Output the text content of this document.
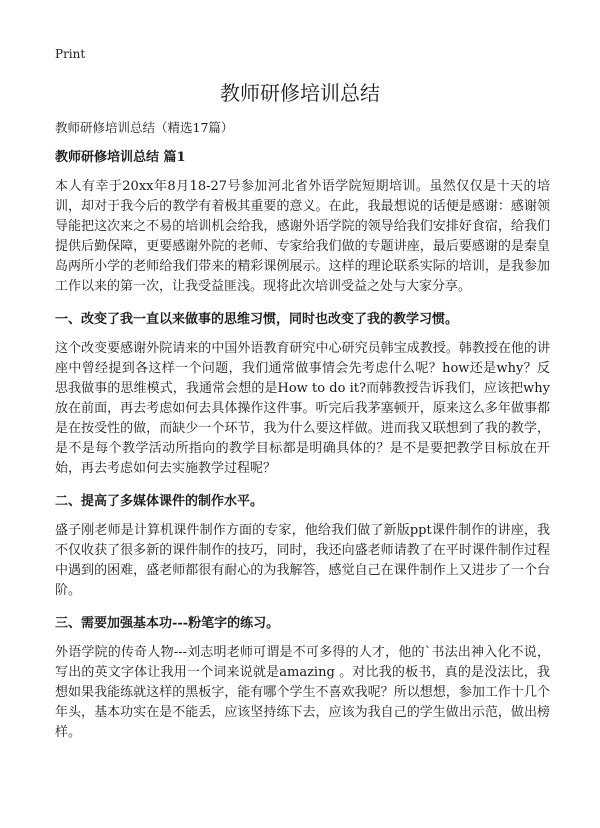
Print
教师研修培训总结

教师研修培训总结（精选17篇）

教师研修培训总结 篇1

本人有幸于20xx年8月18-27号参加河北省外语学院短期培训。虽然仅仅是十天的培训，却对于我今后的教学有着极其重要的意义。在此，我最想说的话便是感谢：感谢领导能把这次来之不易的培训机会给我，感谢外语学院的领导给我们安排好食宿，给我们提供后勤保障，更要感谢外院的老师、专家给我们做的专题讲座，最后要感谢的是秦皇岛两所小学的老师给我们带来的精彩课例展示。这样的理论联系实际的培训，是我参加工作以来的第一次，让我受益匪浅。现将此次培训受益之处与大家分享。

一、改变了我一直以来做事的思维习惯，同时也改变了我的教学习惯。

这个改变要感谢外院请来的中国外语教育研究中心研究员韩宝成教授。韩教授在他的讲座中曾经提到各这样一个问题，我们通常做事情会先考虑什么呢？how还是why？反思我做事的思维模式，我通常会想的是How to do it?而韩教授告诉我们，应该把why放在前面，再去考虑如何去具体操作这件事。听完后我茅塞顿开，原来这么多年做事都是在按受性的做，而缺少一个环节，我为什么要这样做。进而我又联想到了我的教学，是不是每个教学活动所指向的教学目标都是明确具体的？是不是要把教学目标放在开始，再去考虑如何去实施教学过程呢？

二、提高了多媒体课件的制作水平。

盛子刚老师是计算机课件制作方面的专家，他给我们做了新版ppt课件制作的讲座，我不仅收获了很多新的课件制作的技巧，同时，我还向盛老师请教了在平时课件制作过程中遇到的困难，盛老师都很有耐心的为我解答，感觉自己在课件制作上又进步了一个台阶。

三、需要加强基本功---粉笔字的练习。

外语学院的传奇人物---刘志明老师可谓是不可多得的人才，他的`书法出神入化不说，写出的英文字体让我用一个词来说就是amazing 。对比我的板书，真的是没法比，我想如果我能练就这样的黑板字，能有哪个学生不喜欢我呢？所以想想，参加工作十几个年头，基本功实在是不能丢，应该坚持练下去，应该为我自己的学生做出示范，做出榜样。
